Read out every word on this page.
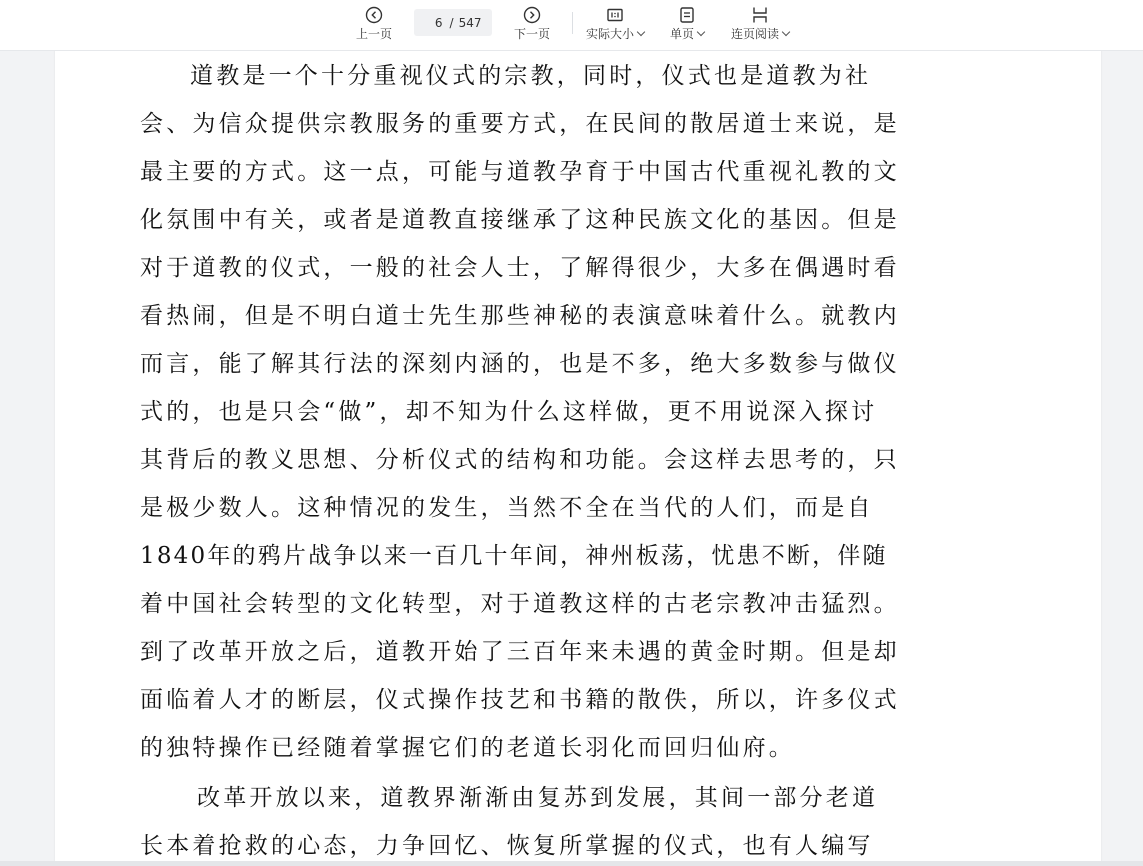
上一页
6
/ 547
下一页	实际大小	单页	连页阅读
道教是一个十分重视仪式的宗教，同时，仪式也是道教为社
会、为信众提供宗教服务的重要方式，在民间的散居道士来说，是
最主要的方式。这一点，可能与道教孕育于中国古代重视礼教的文
化氛围中有关，或者是道教直接继承了这种民族文化的基因。但是
对于道教的仪式，一般的社会人士，了解得很少，大多在偶遇时看
看热闹，但是不明白道士先生那些神秘的表演意味着什么。就教内
而言，能了解其行法的深刻内涵的，也是不多，绝大多数参与做仪
式的，也是只会“做”，却不知为什么这样做，更不用说深入探讨
其背后的教义思想、分析仪式的结构和功能。会这样去思考的，只
是极少数人。这种情况的发生，当然不全在当代的人们，而是自
1840年的鸦片战争以来一百几十年间，神州板荡，忧患不断，伴随
着中国社会转型的文化转型，对于道教这样的古老宗教冲击猛烈。
到了改革开放之后，道教开始了三百年来未遇的黄金时期。但是却
面临着人才的断层，仪式操作技艺和书籍的散佚，所以，许多仪式
的独特操作已经随着掌握它们的老道长羽化而回归仙府。
改革开放以来，道教界渐渐由复苏到发展，其间一部分老道
长本着抢救的心态，力争回忆、恢复所掌握的仪式，也有人编写
